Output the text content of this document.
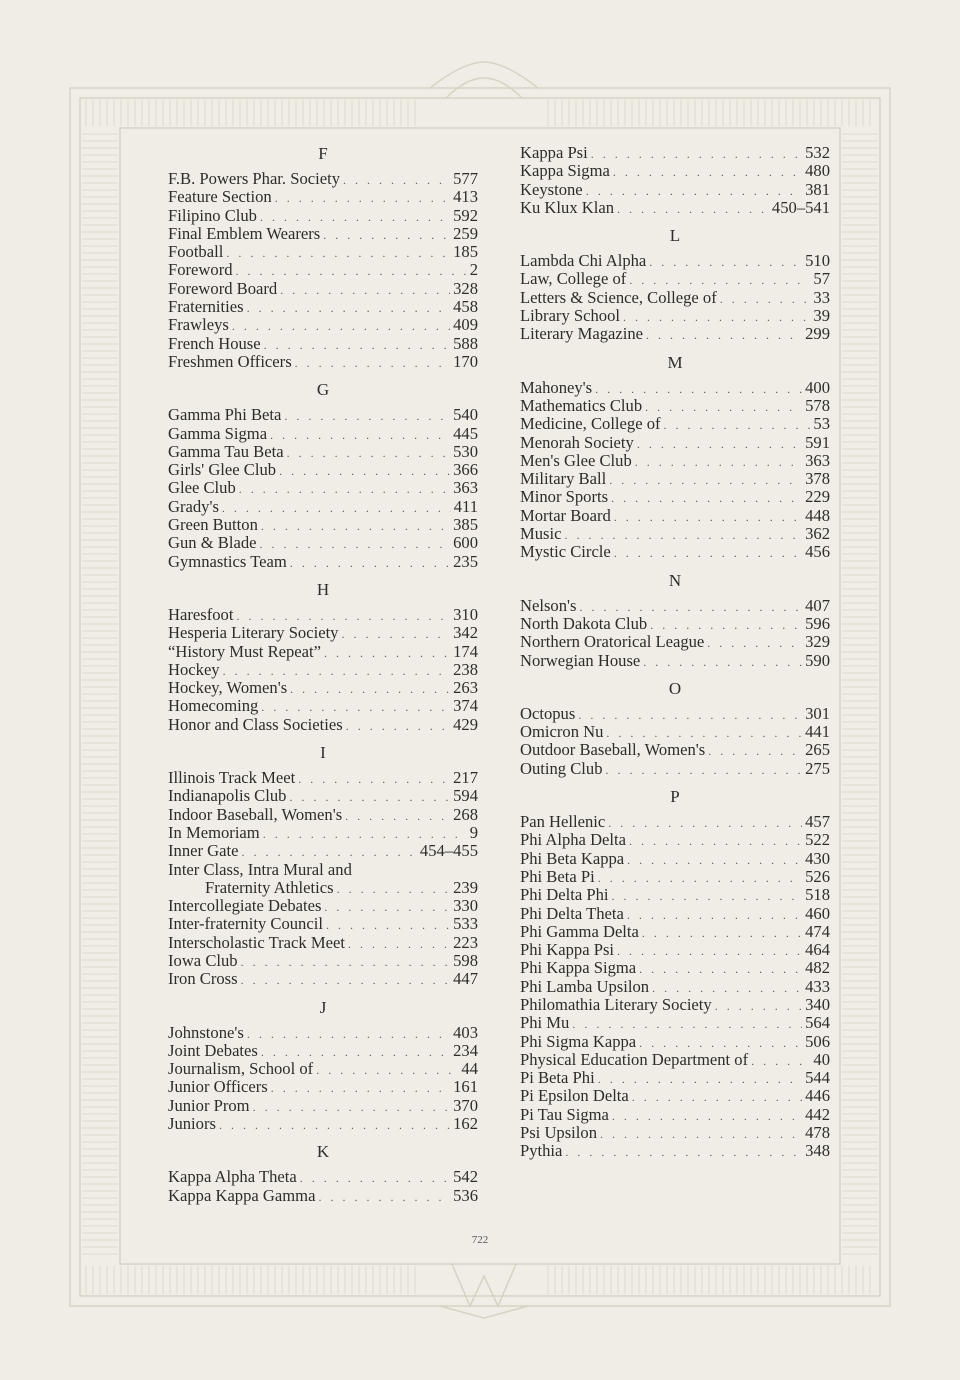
F
F.B. Powers Phar. Society . . .	577
Feature Section . . .	413
Filipino Club . . .	592
Final Emblem Wearers . . .	259
Football . . .	185
Foreword . . .	2
Foreword Board . . .	328
Fraternities . . .	458
Frawleys . . .	409
French House . . .	588
Freshmen Officers . . .	170
G
Gamma Phi Beta . . .	540
Gamma Sigma . . .	445
Gamma Tau Beta . . .	530
Girls' Glee Club . . .	366
Glee Club . . .	363
Grady's . . .	411
Green Button . . .	385
Gun & Blade . . .	600
Gymnastics Team . . .	235
H
Haresfoot . . .	310
Hesperia Literary Society . . .	342
“History Must Repeat” . . .	174
Hockey . . .	238
Hockey, Women's . . .	263
Homecoming . . .	374
Honor and Class Societies . . .	429
I
Illinois Track Meet . . .	217
Indianapolis Club . . .	594
Indoor Baseball, Women's . . .	268
In Memoriam . . .	9
Inner Gate . . .	454–455
Inter Class, Intra Mural and
Fraternity Athletics . . .	239
Intercollegiate Debates . . .	330
Inter-fraternity Council . . .	533
Interscholastic Track Meet . . .	223
Iowa Club . . .	598
Iron Cross . . .	447
J
Johnstone's . . .	403
Joint Debates . . .	234
Journalism, School of . . .	44
Junior Officers . . .	161
Junior Prom . . .	370
Juniors . . .	162
K
Kappa Alpha Theta . . .	542
Kappa Kappa Gamma . . .	536
Kappa Psi . . .	532
Kappa Sigma . . .	480
Keystone . . .	381
Ku Klux Klan . . .	450–541
L
Lambda Chi Alpha . . .	510
Law, College of . . .	57
Letters & Science, College of . . .	33
Library School . . .	39
Literary Magazine . . .	299
M
Mahoney's . . .	400
Mathematics Club . . .	578
Medicine, College of . . .	53
Menorah Society . . .	591
Men's Glee Club . . .	363
Military Ball . . .	378
Minor Sports . . .	229
Mortar Board . . .	448
Music . . .	362
Mystic Circle . . .	456
N
Nelson's . . .	407
North Dakota Club . . .	596
Northern Oratorical League . . .	329
Norwegian House . . .	590
O
Octopus . . .	301
Omicron Nu . . .	441
Outdoor Baseball, Women's . . .	265
Outing Club . . .	275
P
Pan Hellenic . . .	457
Phi Alpha Delta . . .	522
Phi Beta Kappa . . .	430
Phi Beta Pi . . .	526
Phi Delta Phi . . .	518
Phi Delta Theta . . .	460
Phi Gamma Delta . . .	474
Phi Kappa Psi . . .	464
Phi Kappa Sigma . . .	482
Phi Lamba Upsilon . . .	433
Philomathia Literary Society . . .	340
Phi Mu . . .	564
Phi Sigma Kappa . . .	506
Physical Education Department of . . .	40
Pi Beta Phi . . .	544
Pi Epsilon Delta . . .	446
Pi Tau Sigma . . .	442
Psi Upsilon . . .	478
Pythia . . .	348
722
